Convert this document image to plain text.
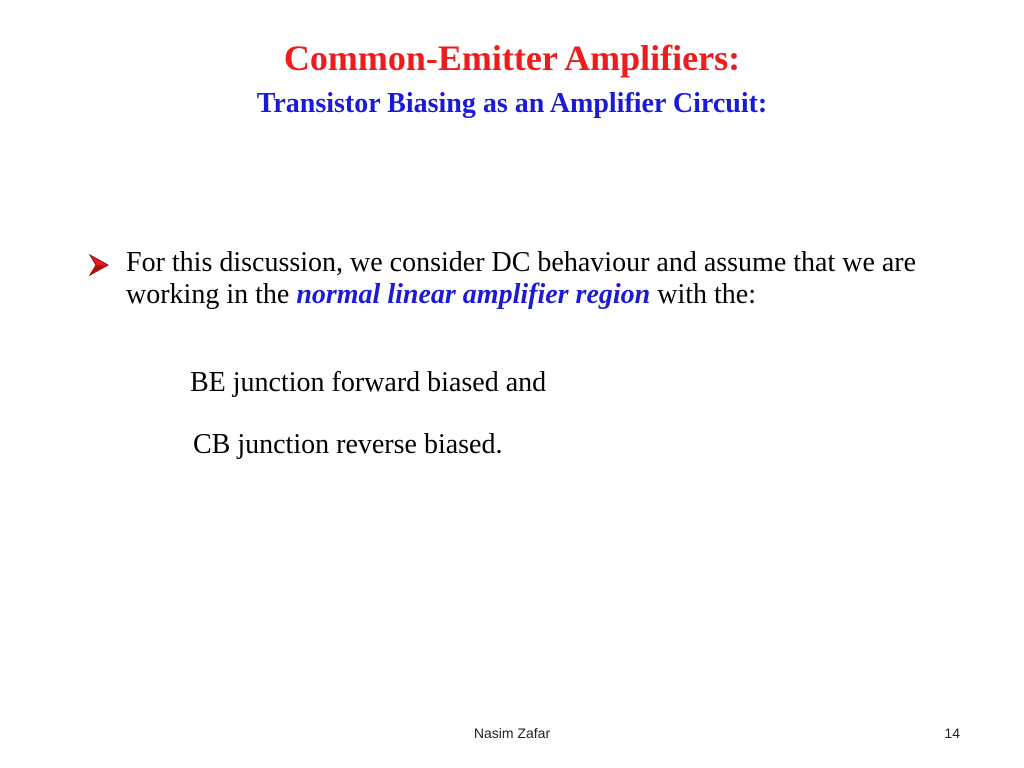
Common-Emitter Amplifiers:
Transistor Biasing as an Amplifier Circuit:
For this discussion, we consider DC behaviour and assume that we are working in the normal linear amplifier region with the:
BE junction forward biased and
CB junction reverse biased.
Nasim Zafar	14
